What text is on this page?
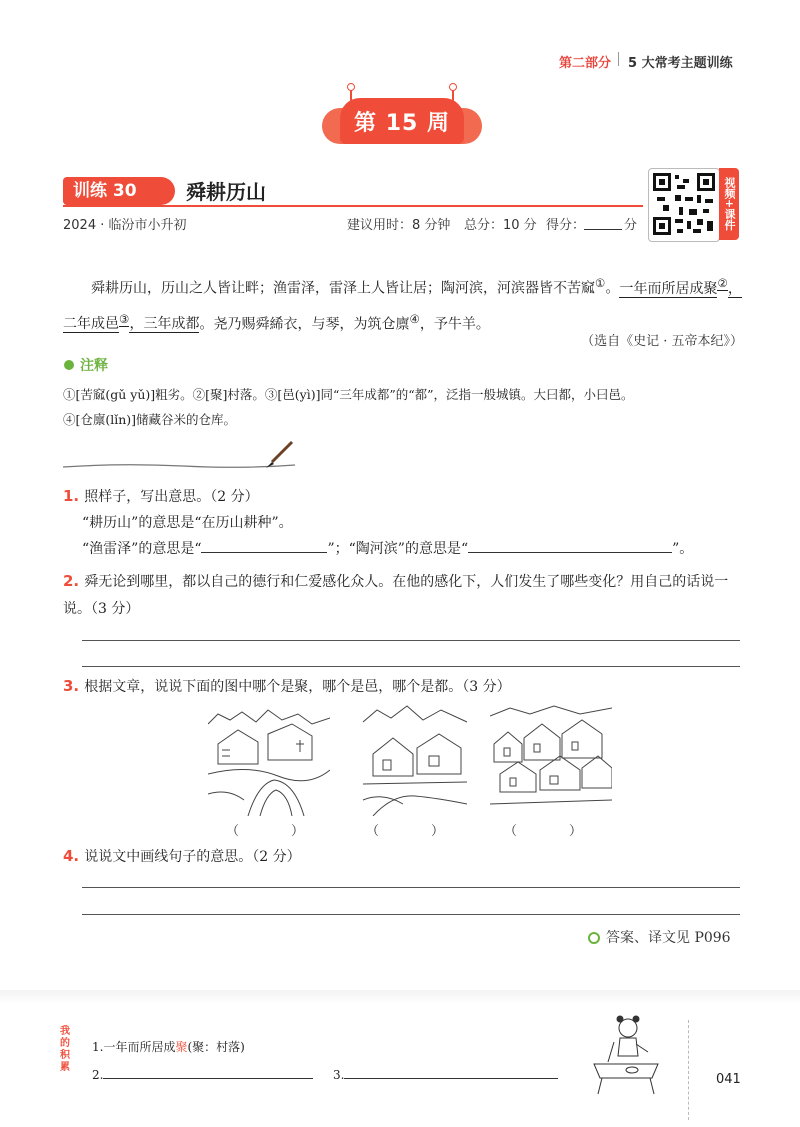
第二部分 5 大常考主题训练
第 15 周
训练 30	舜耕历山
2024 · 临汾市小升初	建议用时：8 分钟 总分：10 分 得分：	分	视频+课件

舜耕历山，历山之人皆让畔；渔雷泽，雷泽上人皆让居；陶河滨，河滨器皆不苦窳①。一年而所居成聚②，二年成邑③，三年成都。尧乃赐舜絺衣，与琴，为筑仓廪④，予牛羊。

（选自《史记 · 五帝本纪》）
注释
①[苦窳(gǔ yǔ)]粗劣。②[聚]村落。③[邑(yì)]同“三年成都”的“都”，泛指一般城镇。大曰都，小曰邑。
④[仓廪(lǐn)]储藏谷米的仓库。
1. 照样子，写出意思。（2 分）
“耕历山”的意思是“在历山耕种”。
“渔雷泽”的意思是“	”；“陶河滨”的意思是“	”。
2. 舜无论到哪里，都以自己的德行和仁爱感化众人。在他的感化下，人们发生了哪些变化？用自己的话说一说。（3 分）
3. 根据文章，说说下面的图中哪个是聚，哪个是邑，哪个是都。（3 分）
（　　　　）	（　　　　）	（　　　　）
4. 说说文中画线句子的意思。（2 分）
答案、译文见 P096
我的积累
1.一年而所居成聚(聚：村落)
2.	3.	041
